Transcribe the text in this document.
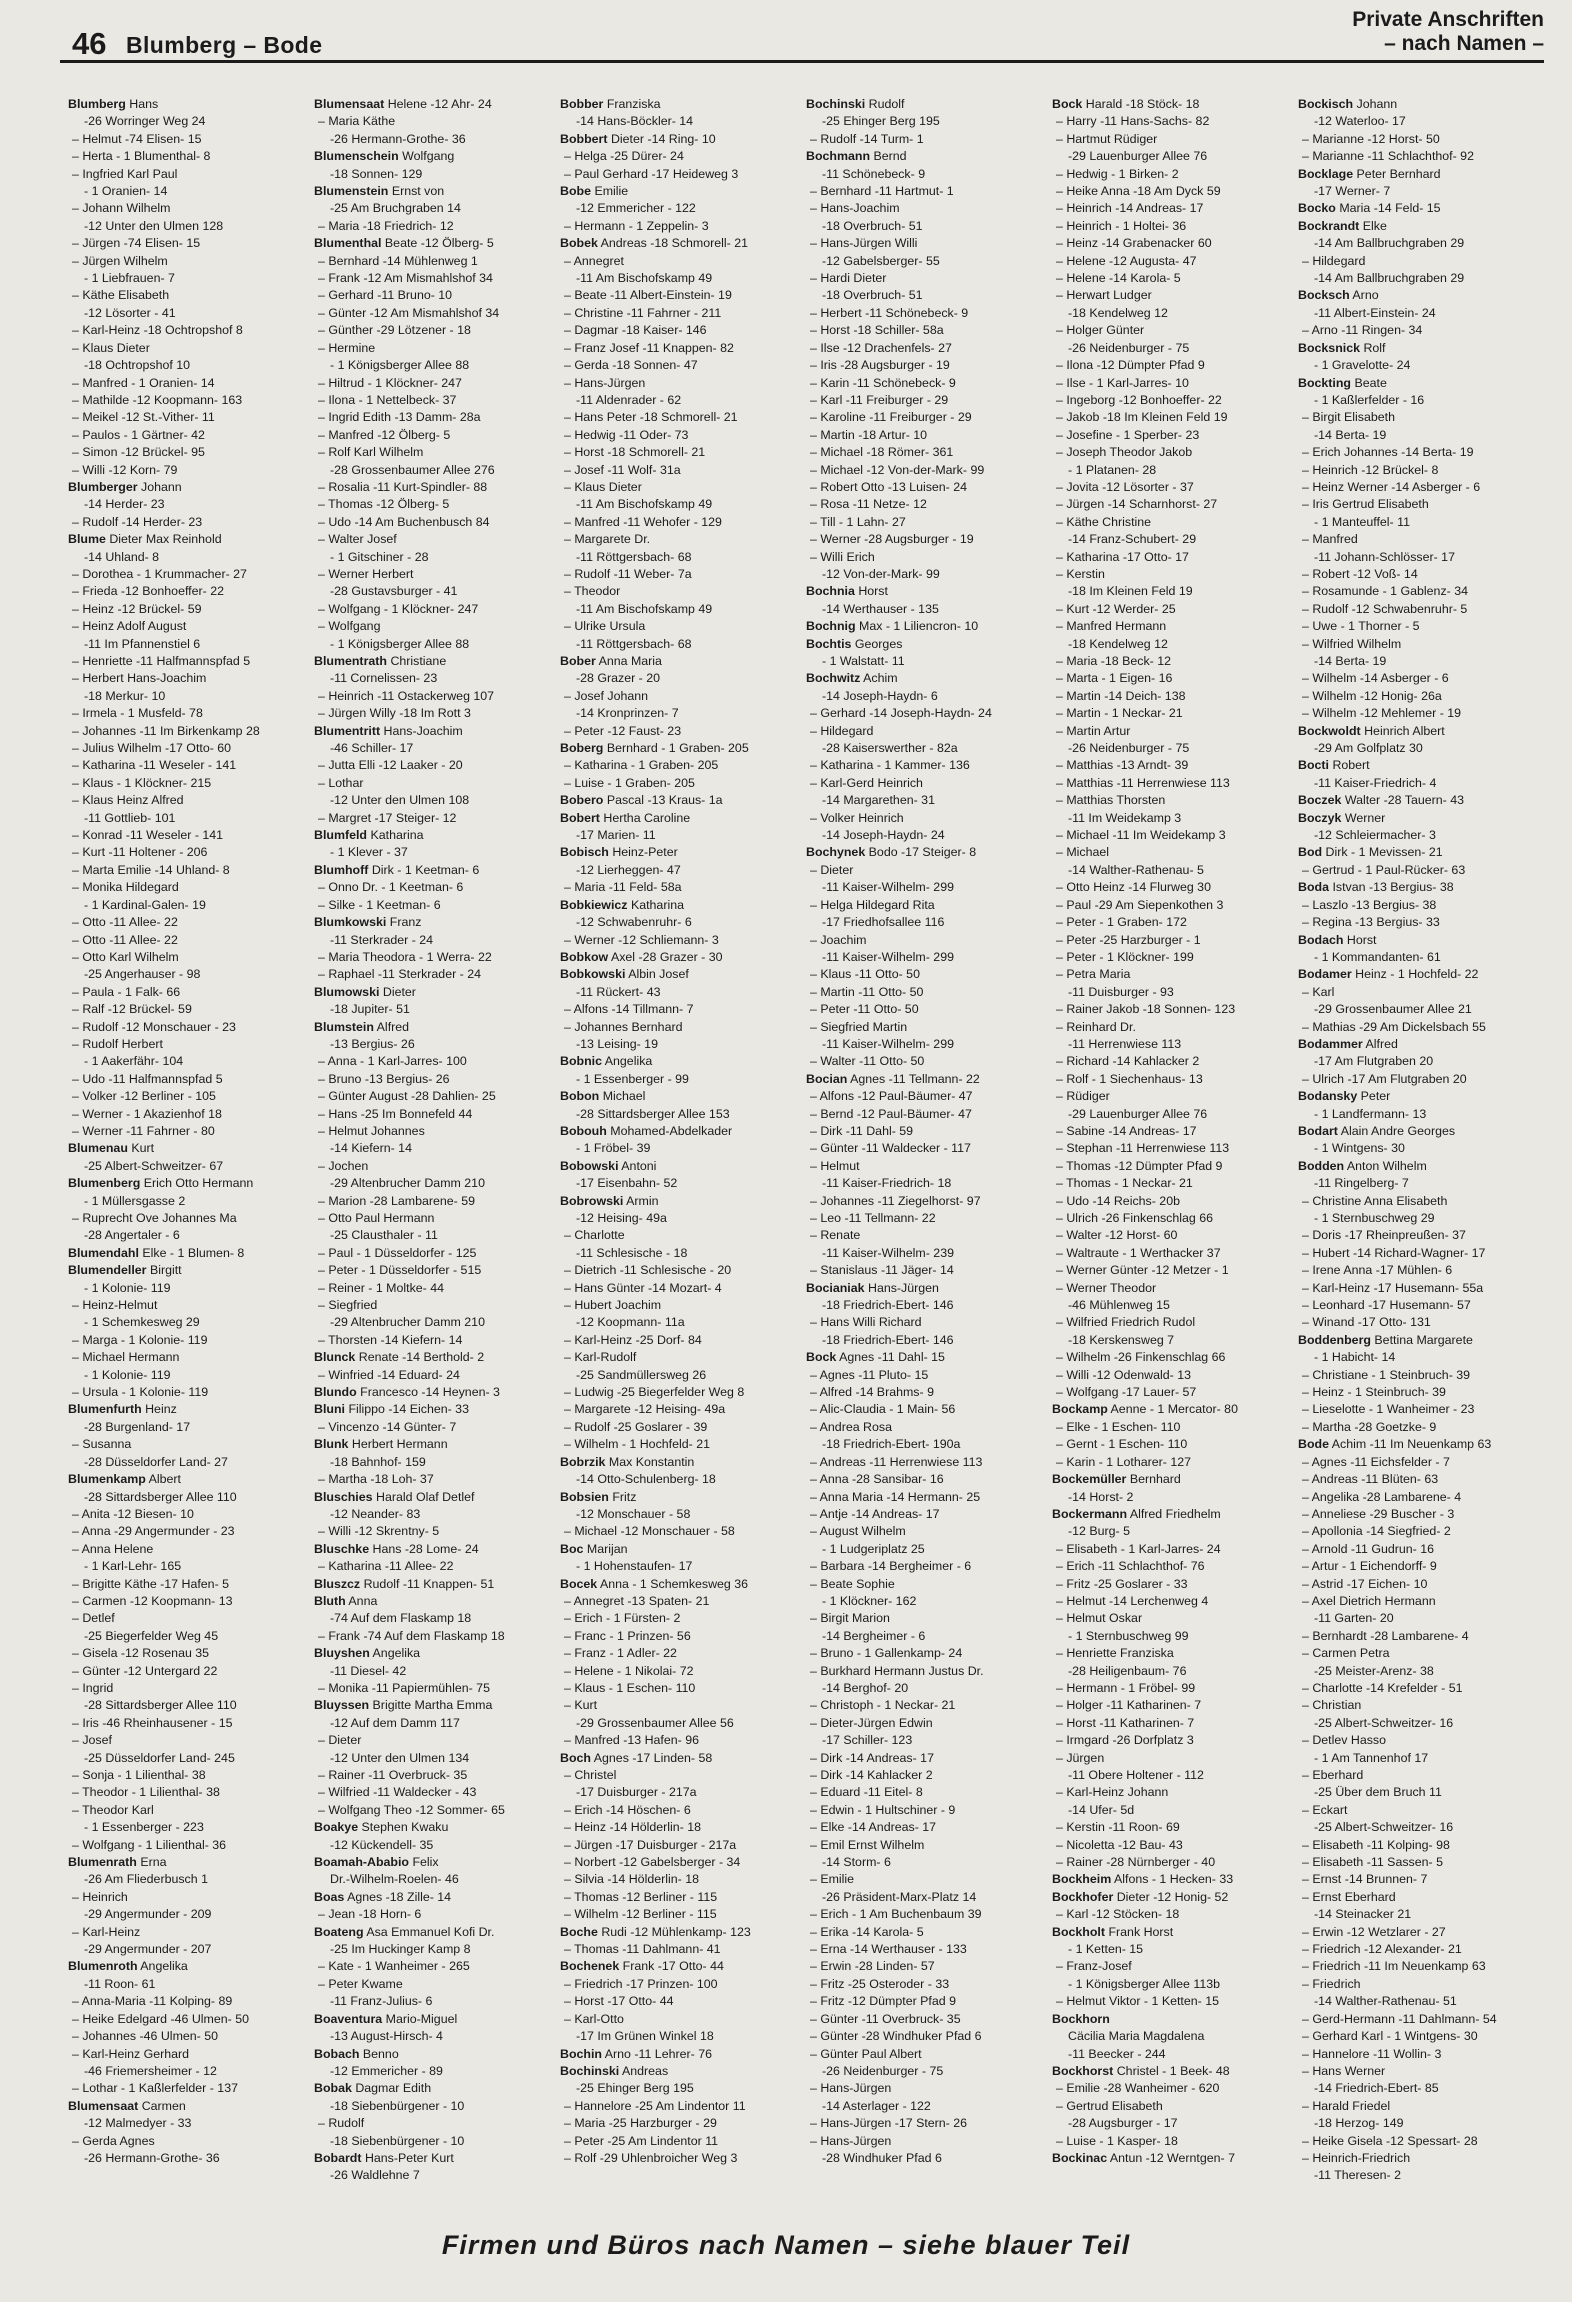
46 Blumberg – Bode
Private Anschriften
– nach Namen –
Blumberg Hans
-26 Worringer Weg 24
– Helmut -74 Elisen- 15
– Herta - 1 Blumenthal- 8
– Ingfried Karl Paul
- 1 Oranien- 14
– Johann Wilhelm
-12 Unter den Ulmen 128
– Jürgen -74 Elisen- 15
– Jürgen Wilhelm
- 1 Liebfrauen- 7
– Käthe Elisabeth
-12 Lösorter - 41
– Karl-Heinz -18 Ochtropshof 8
– Klaus Dieter
-18 Ochtropshof 10
– Manfred - 1 Oranien- 14
– Mathilde -12 Koopmann- 163
– Meikel -12 St.-Vither- 11
– Paulos - 1 Gärtner- 42
– Simon -12 Brückel- 95
– Willi -12 Korn- 79
Blumberger Johann
-14 Herder- 23
– Rudolf -14 Herder- 23
Blume Dieter Max Reinhold
-14 Uhland- 8
– Dorothea - 1 Krummacher- 27
– Frieda -12 Bonhoeffer- 22
– Heinz -12 Brückel- 59
– Heinz Adolf August
-11 Im Pfannenstiel 6
– Henriette -11 Halfmannspfad 5
– Herbert Hans-Joachim
-18 Merkur- 10
– Irmela - 1 Musfeld- 78
– Johannes -11 Im Birkenkamp 28
– Julius Wilhelm -17 Otto- 60
– Katharina -11 Weseler - 141
– Klaus - 1 Klöckner- 215
– Klaus Heinz Alfred
-11 Gottlieb- 101
– Konrad -11 Weseler - 141
– Kurt -11 Holtener - 206
– Marta Emilie -14 Uhland- 8
– Monika Hildegard
- 1 Kardinal-Galen- 19
– Otto -11 Allee- 22
– Otto -11 Allee- 22
– Otto Karl Wilhelm
-25 Angerhauser - 98
– Paula - 1 Falk- 66
– Ralf -12 Brückel- 59
– Rudolf -12 Monschauer - 23
– Rudolf Herbert
- 1 Aakerfähr- 104
– Udo -11 Halfmannspfad 5
– Volker -12 Berliner - 105
– Werner - 1 Akazienhof 18
– Werner -11 Fahrner - 80
Blumenau Kurt
-25 Albert-Schweitzer- 67
Blumenberg Erich Otto Hermann
- 1 Müllersgasse 2
– Ruprecht Ove Johannes Ma
-28 Angertaler - 6
Blumendahl Elke - 1 Blumen- 8
Blumendeller Birgitt
- 1 Kolonie- 119
– Heinz-Helmut
- 1 Schemkesweg 29
– Marga - 1 Kolonie- 119
– Michael Hermann
- 1 Kolonie- 119
– Ursula - 1 Kolonie- 119
Blumenfurth Heinz
-28 Burgenland- 17
– Susanna
-28 Düsseldorfer Land- 27
Blumenkamp Albert
-28 Sittardsberger Allee 110
– Anita -12 Biesen- 10
– Anna -29 Angermunder - 23
– Anna Helene
- 1 Karl-Lehr- 165
– Brigitte Käthe -17 Hafen- 5
– Carmen -12 Koopmann- 13
– Detlef
-25 Biegerfelder Weg 45
– Gisela -12 Rosenau 35
– Günter -12 Untergard 22
– Ingrid
-28 Sittardsberger Allee 110
– Iris -46 Rheinhausener - 15
– Josef
-25 Düsseldorfer Land- 245
– Sonja - 1 Lilienthal- 38
– Theodor - 1 Lilienthal- 38
– Theodor Karl
- 1 Essenberger - 223
– Wolfgang - 1 Lilienthal- 36
Blumenrath Erna
-26 Am Fliederbusch 1
– Heinrich
-29 Angermunder - 209
– Karl-Heinz
-29 Angermunder - 207
Blumenroth Angelika
-11 Roon- 61
– Anna-Maria -11 Kolping- 89
– Heike Edelgard -46 Ulmen- 50
– Johannes -46 Ulmen- 50
– Karl-Heinz Gerhard
-46 Friemersheimer - 12
– Lothar - 1 Kaßlerfelder - 137
Blumensaat Carmen
-12 Malmedyer - 33
– Gerda Agnes
-26 Hermann-Grothe- 36
Blumensaat Helene -12 Ahr- 24
– Maria Käthe
-26 Hermann-Grothe- 36
Blumenschein Wolfgang
-18 Sonnen- 129
Blumenstein Ernst von
-25 Am Bruchgraben 14
– Maria -18 Friedrich- 12
Blumenthal Beate -12 Ölberg- 5
– Bernhard -14 Mühlenweg 1
– Frank -12 Am Mismahlshof 34
– Gerhard -11 Bruno- 10
– Günter -12 Am Mismahlshof 34
– Günther -29 Lötzener - 18
– Hermine
- 1 Königsberger Allee 88
– Hiltrud - 1 Klöckner- 247
– Ilona - 1 Nettelbeck- 37
– Ingrid Edith -13 Damm- 28a
– Manfred -12 Ölberg- 5
– Rolf Karl Wilhelm
-28 Grossenbaumer Allee 276
– Rosalia -11 Kurt-Spindler- 88
– Thomas -12 Ölberg- 5
– Udo -14 Am Buchenbusch 84
– Walter Josef
- 1 Gitschiner - 28
– Werner Herbert
-28 Gustavsburger - 41
– Wolfgang - 1 Klöckner- 247
– Wolfgang
- 1 Königsberger Allee 88
Blumentrath Christiane
-11 Cornelissen- 23
– Heinrich -11 Ostackerweg 107
– Jürgen Willy -18 Im Rott 3
Blumentritt Hans-Joachim
-46 Schiller- 17
– Jutta Elli -12 Laaker - 20
– Lothar
-12 Unter den Ulmen 108
– Margret -17 Steiger- 12
Blumfeld Katharina
- 1 Klever - 37
Blumhoff Dirk - 1 Keetman- 6
– Onno Dr. - 1 Keetman- 6
– Silke - 1 Keetman- 6
Blumkowski Franz
-11 Sterkrader - 24
– Maria Theodora - 1 Werra- 22
– Raphael -11 Sterkrader - 24
Blumowski Dieter
-18 Jupiter- 51
Blumstein Alfred
-13 Bergius- 26
– Anna - 1 Karl-Jarres- 100
– Bruno -13 Bergius- 26
– Günter August -28 Dahlien- 25
– Hans -25 Im Bonnefeld 44
– Helmut Johannes
-14 Kiefern- 14
– Jochen
-29 Altenbrucher Damm 210
– Marion -28 Lambarene- 59
– Otto Paul Hermann
-25 Clausthaler - 11
– Paul - 1 Düsseldorfer - 125
– Peter - 1 Düsseldorfer - 515
– Reiner - 1 Moltke- 44
– Siegfried
-29 Altenbrucher Damm 210
– Thorsten -14 Kiefern- 14
Blunck Renate -14 Berthold- 2
– Winfried -14 Eduard- 24
Blundo Francesco -14 Heynen- 3
Bluni Filippo -14 Eichen- 33
– Vincenzo -14 Günter- 7
Blunk Herbert Hermann
-18 Bahnhof- 159
– Martha -18 Loh- 37
Bluschies Harald Olaf Detlef
-12 Neander- 83
– Willi -12 Skrentny- 5
Bluschke Hans -28 Lome- 24
– Katharina -11 Allee- 22
Bluszcz Rudolf -11 Knappen- 51
Bluth Anna
-74 Auf dem Flaskamp 18
– Frank -74 Auf dem Flaskamp 18
Bluyshen Angelika
-11 Diesel- 42
– Monika -11 Papiermühlen- 75
Bluyssen Brigitte Martha Emma
-12 Auf dem Damm 117
– Dieter
-12 Unter den Ulmen 134
– Rainer -11 Overbruck- 35
– Wilfried -11 Waldecker - 43
– Wolfgang Theo -12 Sommer- 65
Boakye Stephen Kwaku
-12 Kückendell- 35
Boamah-Ababio Felix
Dr.-Wilhelm-Roelen- 46
Boas Agnes -18 Zille- 14
– Jean -18 Horn- 6
Boateng Asa Emmanuel Kofi Dr.
-25 Im Huckinger Kamp 8
– Kate - 1 Wanheimer - 265
– Peter Kwame
-11 Franz-Julius- 6
Boaventura Mario-Miguel
-13 August-Hirsch- 4
Bobach Benno
-12 Emmericher - 89
Bobak Dagmar Edith
-18 Siebenbürgener - 10
– Rudolf
-18 Siebenbürgener - 10
Bobardt Hans-Peter Kurt
-26 Waldlehne 7
Bobber Franziska
-14 Hans-Böckler- 14
Bobbert Dieter -14 Ring- 10
– Helga -25 Dürer- 24
– Paul Gerhard -17 Heideweg 3
Bobe Emilie
-12 Emmericher - 122
– Hermann - 1 Zeppelin- 3
Bobek Andreas -18 Schmorell- 21
– Annegret
-11 Am Bischofskamp 49
– Beate -11 Albert-Einstein- 19
– Christine -11 Fahrner - 211
– Dagmar -18 Kaiser- 146
– Franz Josef -11 Knappen- 82
– Gerda -18 Sonnen- 47
– Hans-Jürgen
-11 Aldenrader - 62
– Hans Peter -18 Schmorell- 21
– Hedwig -11 Oder- 73
– Horst -18 Schmorell- 21
– Josef -11 Wolf- 31a
– Klaus Dieter
-11 Am Bischofskamp 49
– Manfred -11 Wehofer - 129
– Margarete Dr.
-11 Röttgersbach- 68
– Rudolf -11 Weber- 7a
– Theodor
-11 Am Bischofskamp 49
– Ulrike Ursula
-11 Röttgersbach- 68
Bober Anna Maria
-28 Grazer - 20
– Josef Johann
-14 Kronprinzen- 7
– Peter -12 Faust- 23
Boberg Bernhard - 1 Graben- 205
– Katharina - 1 Graben- 205
– Luise - 1 Graben- 205
Bobero Pascal -13 Kraus- 1a
Bobert Hertha Caroline
-17 Marien- 11
Bobisch Heinz-Peter
-12 Lierheggen- 47
– Maria -11 Feld- 58a
Bobkiewicz Katharina
-12 Schwabenruhr- 6
– Werner -12 Schliemann- 3
Bobkow Axel -28 Grazer - 30
Bobkowski Albin Josef
-11 Rückert- 43
– Alfons -14 Tillmann- 7
– Johannes Bernhard
-13 Leising- 19
Bobnic Angelika
- 1 Essenberger - 99
Bobon Michael
-28 Sittardsberger Allee 153
Bobouh Mohamed-Abdelkader
- 1 Fröbel- 39
Bobowski Antoni
-17 Eisenbahn- 52
Bobrowski Armin
-12 Heising- 49a
– Charlotte
-11 Schlesische - 18
– Dietrich -11 Schlesische - 20
– Hans Günter -14 Mozart- 4
– Hubert Joachim
-12 Koopmann- 11a
– Karl-Heinz -25 Dorf- 84
– Karl-Rudolf
-25 Sandmüllersweg 26
– Ludwig -25 Biegerfelder Weg 8
– Margarete -12 Heising- 49a
– Rudolf -25 Goslarer - 39
– Wilhelm - 1 Hochfeld- 21
Bobrzik Max Konstantin
-14 Otto-Schulenberg- 18
Bobsien Fritz
-12 Monschauer - 58
– Michael -12 Monschauer - 58
Boc Marijan
- 1 Hohenstaufen- 17
Bocek Anna - 1 Schemkesweg 36
– Annegret -13 Spaten- 21
– Erich - 1 Fürsten- 2
– Franc - 1 Prinzen- 56
– Franz - 1 Adler- 22
– Helene - 1 Nikolai- 72
– Klaus - 1 Eschen- 110
– Kurt
-29 Grossenbaumer Allee 56
– Manfred -13 Hafen- 96
Boch Agnes -17 Linden- 58
– Christel
-17 Duisburger - 217a
– Erich -14 Höschen- 6
– Heinz -14 Hölderlin- 18
– Jürgen -17 Duisburger - 217a
– Norbert -12 Gabelsberger - 34
– Silvia -14 Hölderlin- 18
– Thomas -12 Berliner - 115
– Wilhelm -12 Berliner - 115
Boche Rudi -12 Mühlenkamp- 123
– Thomas -11 Dahlmann- 41
Bochenek Frank -17 Otto- 44
– Friedrich -17 Prinzen- 100
– Horst -17 Otto- 44
– Karl-Otto
-17 Im Grünen Winkel 18
Bochin Arno -11 Lehrer- 76
Bochinski Andreas
-25 Ehinger Berg 195
– Hannelore -25 Am Lindentor 11
– Maria -25 Harzburger - 29
– Peter -25 Am Lindentor 11
– Rolf -29 Uhlenbroicher Weg 3
Bochinski Rudolf
-25 Ehinger Berg 195
– Rudolf -14 Turm- 1
Bochmann Bernd
-11 Schönebeck- 9
– Bernhard -11 Hartmut- 1
– Hans-Joachim
-18 Overbruch- 51
– Hans-Jürgen Willi
-12 Gabelsberger- 55
– Hardi Dieter
-18 Overbruch- 51
– Herbert -11 Schönebeck- 9
– Horst -18 Schiller- 58a
– Ilse -12 Drachenfels- 27
– Iris -28 Augsburger - 19
– Karin -11 Schönebeck- 9
– Karl -11 Freiburger - 29
– Karoline -11 Freiburger - 29
– Martin -18 Artur- 10
– Michael -18 Römer- 361
– Michael -12 Von-der-Mark- 99
– Robert Otto -13 Luisen- 24
– Rosa -11 Netze- 12
– Till - 1 Lahn- 27
– Werner -28 Augsburger - 19
– Willi Erich
-12 Von-der-Mark- 99
Bochnia Horst
-14 Werthauser - 135
Bochnig Max - 1 Liliencron- 10
Bochtis Georges
- 1 Walstatt- 11
Bochwitz Achim
-14 Joseph-Haydn- 6
– Gerhard -14 Joseph-Haydn- 24
– Hildegard
-28 Kaiserswerther - 82a
– Katharina - 1 Kammer- 136
– Karl-Gerd Heinrich
-14 Margarethen- 31
– Volker Heinrich
-14 Joseph-Haydn- 24
Bochynek Bodo -17 Steiger- 8
– Dieter
-11 Kaiser-Wilhelm- 299
– Helga Hildegard Rita
-17 Friedhofsallee 116
– Joachim
-11 Kaiser-Wilhelm- 299
– Klaus -11 Otto- 50
– Martin -11 Otto- 50
– Peter -11 Otto- 50
– Siegfried Martin
-11 Kaiser-Wilhelm- 299
– Walter -11 Otto- 50
Bocian Agnes -11 Tellmann- 22
– Alfons -12 Paul-Bäumer- 47
– Bernd -12 Paul-Bäumer- 47
– Dirk -11 Dahl- 59
– Günter -11 Waldecker - 117
– Helmut
-11 Kaiser-Friedrich- 18
– Johannes -11 Ziegelhorst- 97
– Leo -11 Tellmann- 22
– Renate
-11 Kaiser-Wilhelm- 239
– Stanislaus -11 Jäger- 14
Bocianiak Hans-Jürgen
-18 Friedrich-Ebert- 146
– Hans Willi Richard
-18 Friedrich-Ebert- 146
Bock Agnes -11 Dahl- 15
– Agnes -11 Pluto- 15
– Alfred -14 Brahms- 9
– Alic-Claudia - 1 Main- 56
– Andrea Rosa
-18 Friedrich-Ebert- 190a
– Andreas -11 Herrenwiese 113
– Anna -28 Sansibar- 16
– Anna Maria -14 Hermann- 25
– Antje -14 Andreas- 17
– August Wilhelm
- 1 Ludgeriplatz 25
– Barbara -14 Bergheimer - 6
– Beate Sophie
- 1 Klöckner- 162
– Birgit Marion
-14 Bergheimer - 6
– Bruno - 1 Gallenkamp- 24
– Burkhard Hermann Justus Dr.
-14 Berghof- 20
– Christoph - 1 Neckar- 21
– Dieter-Jürgen Edwin
-17 Schiller- 123
– Dirk -14 Andreas- 17
– Dirk -14 Kahlacker 2
– Eduard -11 Eitel- 8
– Edwin - 1 Hultschiner - 9
– Elke -14 Andreas- 17
– Emil Ernst Wilhelm
-14 Storm- 6
– Emilie
-26 Präsident-Marx-Platz 14
– Erich - 1 Am Buchenbaum 39
– Erika -14 Karola- 5
– Erna -14 Werthauser - 133
– Erwin -28 Linden- 57
– Fritz -25 Osteroder - 33
– Fritz -12 Dümpter Pfad 9
– Günter -11 Overbruck- 35
– Günter -28 Windhuker Pfad 6
– Günter Paul Albert
-26 Neidenburger - 75
– Hans-Jürgen
-14 Asterlager - 122
– Hans-Jürgen -17 Stern- 26
– Hans-Jürgen
-28 Windhuker Pfad 6
Bock Harald -18 Stöck- 18
– Harry -11 Hans-Sachs- 82
– Hartmut Rüdiger
-29 Lauenburger Allee 76
– Hedwig - 1 Birken- 2
– Heike Anna -18 Am Dyck 59
– Heinrich -14 Andreas- 17
– Heinrich - 1 Holtei- 36
– Heinz -14 Grabenacker 60
– Helene -12 Augusta- 47
– Helene -14 Karola- 5
– Herwart Ludger
-18 Kendelweg 12
– Holger Günter
-26 Neidenburger - 75
– Ilona -12 Dümpter Pfad 9
– Ilse - 1 Karl-Jarres- 10
– Ingeborg -12 Bonhoeffer- 22
– Jakob -18 Im Kleinen Feld 19
– Josefine - 1 Sperber- 23
– Joseph Theodor Jakob
- 1 Platanen- 28
– Jovita -12 Lösorter - 37
– Jürgen -14 Scharnhorst- 27
– Käthe Christine
-14 Franz-Schubert- 29
– Katharina -17 Otto- 17
– Kerstin
-18 Im Kleinen Feld 19
– Kurt -12 Werder- 25
– Manfred Hermann
-18 Kendelweg 12
– Maria -18 Beck- 12
– Marta - 1 Eigen- 16
– Martin -14 Deich- 138
– Martin - 1 Neckar- 21
– Martin Artur
-26 Neidenburger - 75
– Matthias -13 Arndt- 39
– Matthias -11 Herrenwiese 113
– Matthias Thorsten
-11 Im Weidekamp 3
– Michael -11 Im Weidekamp 3
– Michael
-14 Walther-Rathenau- 5
– Otto Heinz -14 Flurweg 30
– Paul -29 Am Siepenkothen 3
– Peter - 1 Graben- 172
– Peter -25 Harzburger - 1
– Peter - 1 Klöckner- 199
– Petra Maria
-11 Duisburger - 93
– Rainer Jakob -18 Sonnen- 123
– Reinhard Dr.
-11 Herrenwiese 113
– Richard -14 Kahlacker 2
– Rolf - 1 Siechenhaus- 13
– Rüdiger
-29 Lauenburger Allee 76
– Sabine -14 Andreas- 17
– Stephan -11 Herrenwiese 113
– Thomas -12 Dümpter Pfad 9
– Thomas - 1 Neckar- 21
– Udo -14 Reichs- 20b
– Ulrich -26 Finkenschlag 66
– Walter -12 Horst- 60
– Waltraute - 1 Werthacker 37
– Werner Günter -12 Metzer - 1
– Werner Theodor
-46 Mühlenweg 15
– Wilfried Friedrich Rudol
-18 Kerskensweg 7
– Wilhelm -26 Finkenschlag 66
– Willi -12 Odenwald- 13
– Wolfgang -17 Lauer- 57
Bockamp Aenne - 1 Mercator- 80
– Elke - 1 Eschen- 110
– Gernt - 1 Eschen- 110
– Karin - 1 Lotharer- 127
Bockemüller Bernhard
-14 Horst- 2
Bockermann Alfred Friedhelm
-12 Burg- 5
– Elisabeth - 1 Karl-Jarres- 24
– Erich -11 Schlachthof- 76
– Fritz -25 Goslarer - 33
– Helmut -14 Lerchenweg 4
– Helmut Oskar
- 1 Sternbuschweg 99
– Henriette Franziska
-28 Heiligenbaum- 76
– Hermann - 1 Fröbel- 99
– Holger -11 Katharinen- 7
– Horst -11 Katharinen- 7
– Irmgard -26 Dorfplatz 3
– Jürgen
-11 Obere Holtener - 112
– Karl-Heinz Johann
-14 Ufer- 5d
– Kerstin -11 Roon- 69
– Nicoletta -12 Bau- 43
– Rainer -28 Nürnberger - 40
Bockheim Alfons - 1 Hecken- 33
Bockhofer Dieter -12 Honig- 52
– Karl -12 Stöcken- 18
Bockholt Frank Horst
- 1 Ketten- 15
– Franz-Josef
- 1 Königsberger Allee 113b
– Helmut Viktor - 1 Ketten- 15
Bockhorn
Cäcilia Maria Magdalena
-11 Beecker - 244
Bockhorst Christel - 1 Beek- 48
– Emilie -28 Wanheimer - 620
– Gertrud Elisabeth
-28 Augsburger - 17
– Luise - 1 Kasper- 18
Bockinac Antun -12 Werntgen- 7
Bockisch Johann
-12 Waterloo- 17
– Marianne -12 Horst- 50
– Marianne -11 Schlachthof- 92
Bocklage Peter Bernhard
-17 Werner- 7
Bocko Maria -14 Feld- 15
Bockrandt Elke
-14 Am Ballbruchgraben 29
– Hildegard
-14 Am Ballbruchgraben 29
Bocksch Arno
-11 Albert-Einstein- 24
– Arno -11 Ringen- 34
Bocksnick Rolf
- 1 Gravelotte- 24
Bockting Beate
- 1 Kaßlerfelder - 16
– Birgit Elisabeth
-14 Berta- 19
– Erich Johannes -14 Berta- 19
– Heinrich -12 Brückel- 8
– Heinz Werner -14 Asberger - 6
– Iris Gertrud Elisabeth
- 1 Manteuffel- 11
– Manfred
-11 Johann-Schlösser- 17
– Robert -12 Voß- 14
– Rosamunde - 1 Gablenz- 34
– Rudolf -12 Schwabenruhr- 5
– Uwe - 1 Thorner - 5
– Wilfried Wilhelm
-14 Berta- 19
– Wilhelm -14 Asberger - 6
– Wilhelm -12 Honig- 26a
– Wilhelm -12 Mehlemer - 19
Bockwoldt Heinrich Albert
-29 Am Golfplatz 30
Bocti Robert
-11 Kaiser-Friedrich- 4
Boczek Walter -28 Tauern- 43
Boczyk Werner
-12 Schleiermacher- 3
Bod Dirk - 1 Mevissen- 21
– Gertrud - 1 Paul-Rücker- 63
Boda Istvan -13 Bergius- 38
– Laszlo -13 Bergius- 38
– Regina -13 Bergius- 33
Bodach Horst
- 1 Kommandanten- 61
Bodamer Heinz - 1 Hochfeld- 22
– Karl
-29 Grossenbaumer Allee 21
– Mathias -29 Am Dickelsbach 55
Bodammer Alfred
-17 Am Flutgraben 20
– Ulrich -17 Am Flutgraben 20
Bodansky Peter
- 1 Landfermann- 13
Bodart Alain Andre Georges
- 1 Wintgens- 30
Bodden Anton Wilhelm
-11 Ringelberg- 7
– Christine Anna Elisabeth
- 1 Sternbuschweg 29
– Doris -17 Rheinpreußen- 37
– Hubert -14 Richard-Wagner- 17
– Irene Anna -17 Mühlen- 6
– Karl-Heinz -17 Husemann- 55a
– Leonhard -17 Husemann- 57
– Winand -17 Otto- 131
Boddenberg Bettina Margarete
- 1 Habicht- 14
– Christiane - 1 Steinbruch- 39
– Heinz - 1 Steinbruch- 39
– Lieselotte - 1 Wanheimer - 23
– Martha -28 Goetzke- 9
Bode Achim -11 Im Neuenkamp 63
– Agnes -11 Eichsfelder - 7
– Andreas -11 Blüten- 63
– Angelika -28 Lambarene- 4
– Anneliese -29 Buscher - 3
– Apollonia -14 Siegfried- 2
– Arnold -11 Gudrun- 16
– Artur - 1 Eichendorff- 9
– Astrid -17 Eichen- 10
– Axel Dietrich Hermann
-11 Garten- 20
– Bernhardt -28 Lambarene- 4
– Carmen Petra
-25 Meister-Arenz- 38
– Charlotte -14 Krefelder - 51
– Christian
-25 Albert-Schweitzer- 16
– Detlev Hasso
- 1 Am Tannenhof 17
– Eberhard
-25 Über dem Bruch 11
– Eckart
-25 Albert-Schweitzer- 16
– Elisabeth -11 Kolping- 98
– Elisabeth -11 Sassen- 5
– Ernst -14 Brunnen- 7
– Ernst Eberhard
-14 Steinacker 21
– Erwin -12 Wetzlarer - 27
– Friedrich -12 Alexander- 21
– Friedrich -11 Im Neuenkamp 63
– Friedrich
-14 Walther-Rathenau- 51
– Gerd-Hermann -11 Dahlmann- 54
– Gerhard Karl - 1 Wintgens- 30
– Hannelore -11 Wollin- 3
– Hans Werner
-14 Friedrich-Ebert- 85
– Harald Friedel
-18 Herzog- 149
– Heike Gisela -12 Spessart- 28
– Heinrich-Friedrich
-11 Theresen- 2
Firmen und Büros nach Namen – siehe blauer Teil
